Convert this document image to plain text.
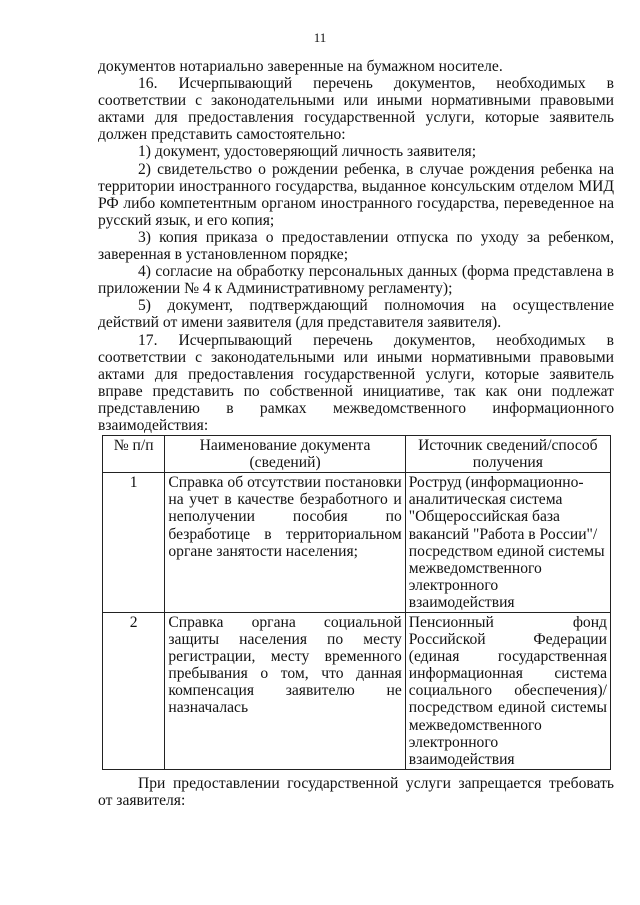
11

документов нотариально заверенные на бумажном носителе.

16. Исчерпывающий перечень документов, необходимых в соответствии с законодательными или иными нормативными правовыми актами для предоставления государственной услуги, которые заявитель должен представить самостоятельно:

1) документ, удостоверяющий личность заявителя;

2) свидетельство о рождении ребенка, в случае рождения ребенка на территории иностранного государства, выданное консульским отделом МИД РФ либо компетентным органом иностранного государства, переведенное на русский язык, и его копия;

3) копия приказа о предоставлении отпуска по уходу за ребенком, заверенная в установленном порядке;

4) согласие на обработку персональных данных (форма представлена в приложении № 4 к Административному регламенту);

5) документ, подтверждающий полномочия на осуществление действий от имени заявителя (для представителя заявителя).

17. Исчерпывающий перечень документов, необходимых в соответствии с законодательными или иными нормативными правовыми актами для предоставления государственной услуги, которые заявитель вправе представить по собственной инициативе, так как они подлежат представлению в рамках межведомственного информационного взаимодействия:

№ п/п	Наименование документа (сведений)	Источник сведений/способ получения
1	Справка об отсутствии постановки на учет в качестве безработного и неполучении пособия по безработице в территориальном органе занятости населения;	Роструд (информационно-аналитическая система "Общероссийская база вакансий "Работа в России"/посредством единой системы межведомственного электронного взаимодействия
2	Справка органа социальной защиты населения по месту регистрации, месту временного пребывания о том, что данная компенсация заявителю не назначалась	Пенсионный фонд Российской Федерации (единая государственная информационная система социального обеспечения)/посредством единой системы межведомственного электронного взаимодействия

При предоставлении государственной услуги запрещается требовать от заявителя:
